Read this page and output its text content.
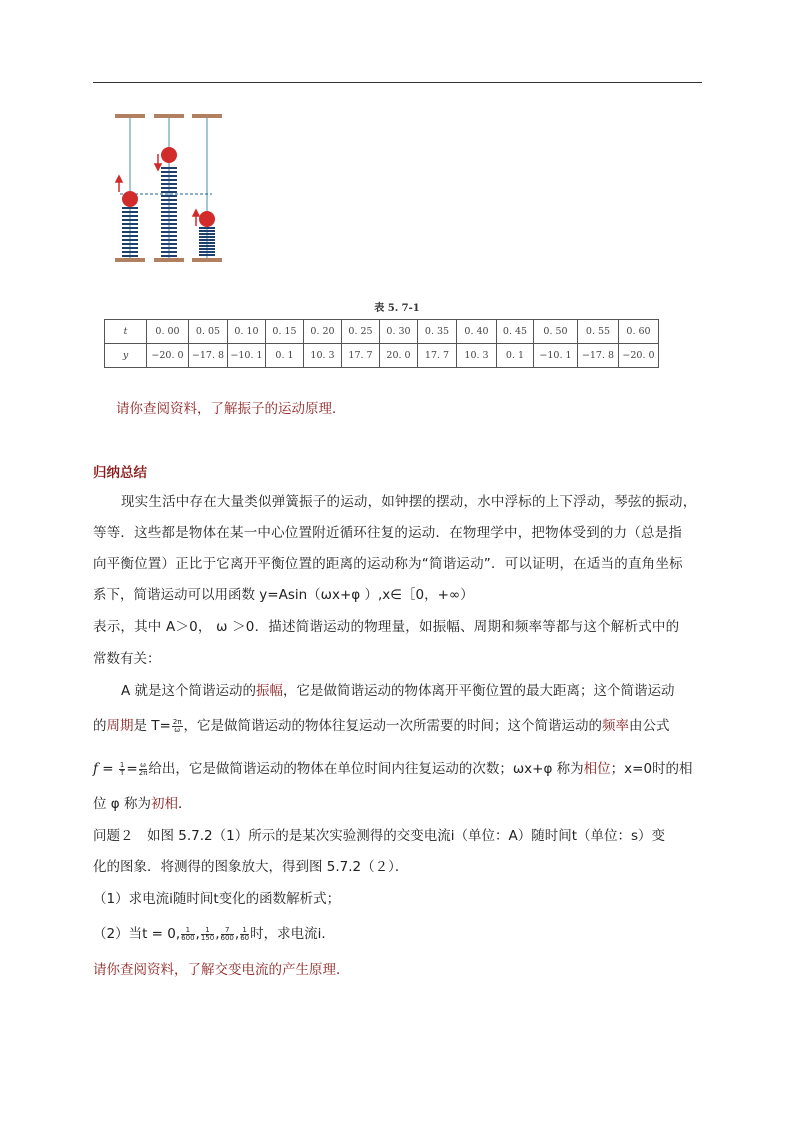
表 5. 7-1
t	0. 00	0. 05	0. 10	0. 15	0. 20	0. 25	0. 30	0. 35	0. 40	0. 45	0. 50	0. 55	0. 60
y	−20. 0	−17. 8	−10. 1	0. 1	10. 3	17. 7	20. 0	17. 7	10. 3	0. 1	−10. 1	−17. 8	−20. 0
请你查阅资料，了解振子的运动原理．
归纳总结
现实生活中存在大量类似弹簧振子的运动，如钟摆的摆动，水中浮标的上下浮动，琴弦的振动，
等等．这些都是物体在某一中心位置附近循环往复的运动．在物理学中，把物体受到的力（总是指
向平衡位置）正比于它离开平衡位置的距离的运动称为“简谐运动”．可以证明，在适当的直角坐标
系下，简谐运动可以用函数 y=Asin（ωx+φ ）,x∈［0，+∞）
表示，其中 A＞0， ω ＞0．描述简谐运动的物理量，如振幅、周期和频率等都与这个解析式中的
常数有关：
A 就是这个简谐运动的振幅，它是做简谐运动的物体离开平衡位置的最大距离；这个简谐运动
的周期是 $T= \frac{2\pi}{\omega}$ ，它是做简谐运动的物体往复运动一次所需要的时间；这个简谐运动的频率由公式
$f = \frac{1}{T} = \frac{\omega}{2\pi}$ 给出，它是做简谐运动的物体在单位时间内往复运动的次数；ωx+φ 称为相位；x=0时的相
位 φ 称为初相．
问题２　如图 5.7.2（1）所示的是某次实验测得的交变电流i（单位：A）随时间t（单位：s）变
化的图象．将测得的图象放大，得到图 5.7.2（２）．
（1）求电流i随时间t变化的函数解析式；
（2）当t = 0, $\frac{1}{600}$ , $\frac{1}{150}$ , $\frac{7}{600}$ , $\frac{1}{60}$ 时，求电流i．
请你查阅资料，了解交变电流的产生原理．
